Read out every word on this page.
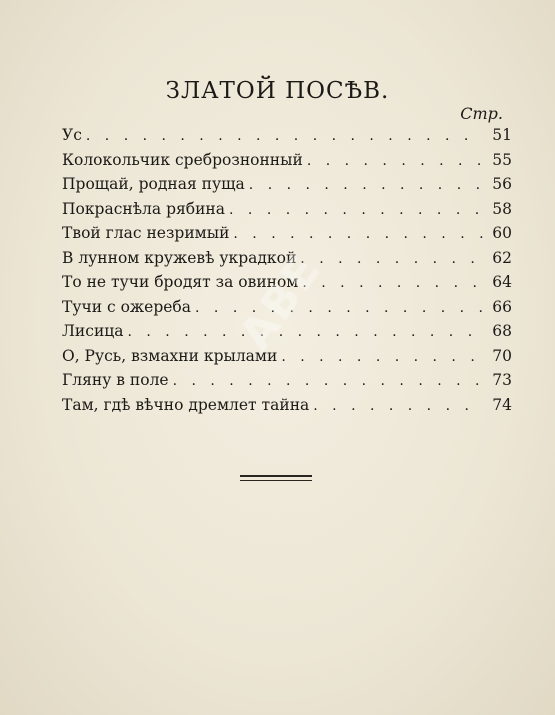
ЗЛАТОЙ ПОСѢВ.
Стр.
Ус . . .	51
Колокольчик сребрознонный . . .	55
Прощай, родная пуща . . .	56
Покраснѣла рябина . . .	58
Твой глас незримый . . .	60
В лунном кружевѣ украдкой . . .	62
То не тучи бродят за овином . . .	64
Тучи с ожереба . . .	66
Лисица . . .	68
О, Русь, взмахни крылами . . .	70
Гляну в поле . . .	73
Там, гдѣ вѣчно дремлет тайна . . .	74
ABE
